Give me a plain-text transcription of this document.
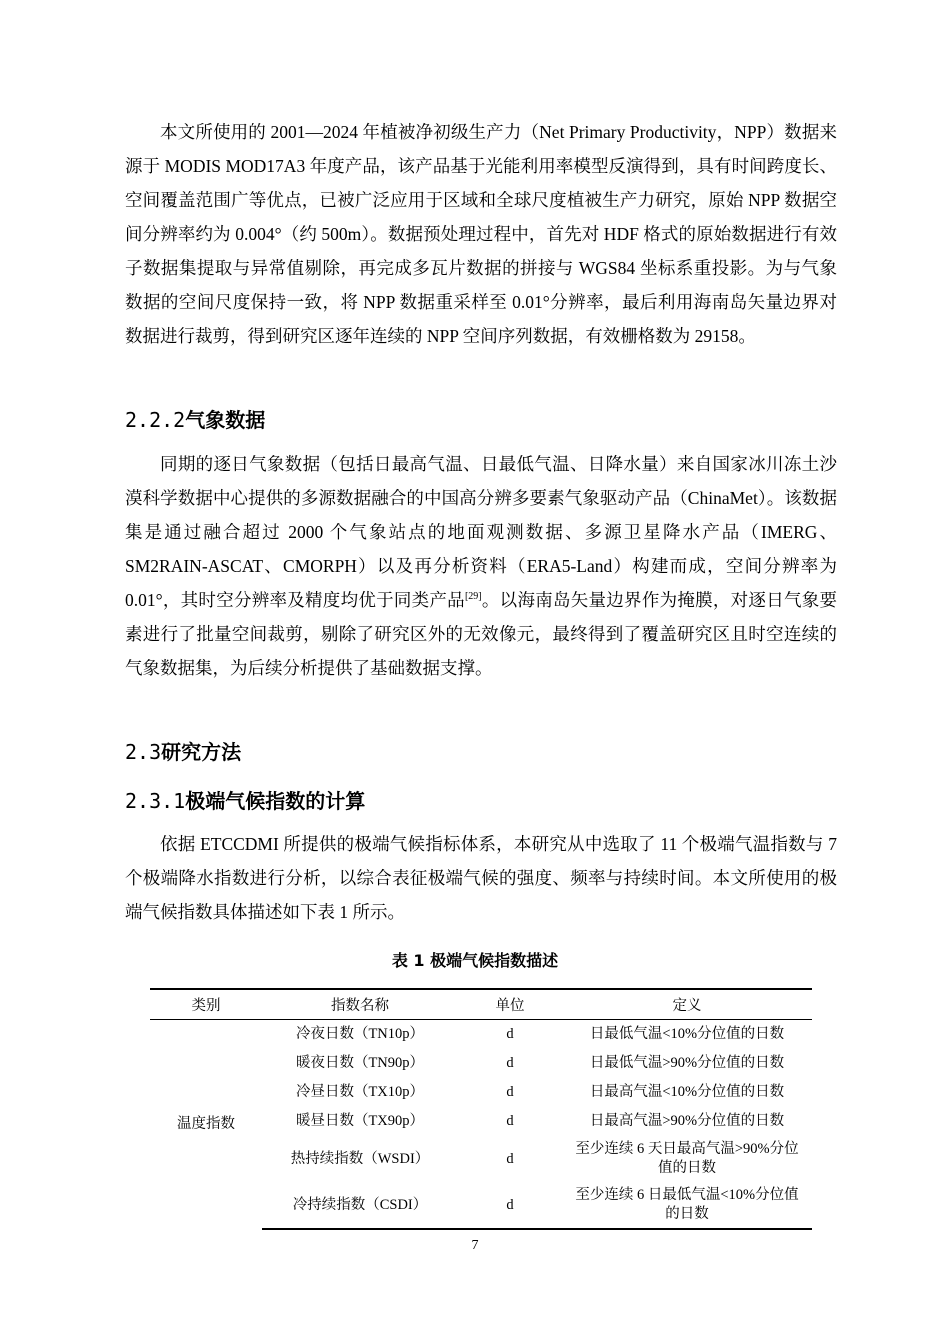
本文所使用的 2001—2024 年植被净初级生产力（Net Primary Productivity，NPP）数据来源于 MODIS MOD17A3 年度产品，该产品基于光能利用率模型反演得到，具有时间跨度长、空间覆盖范围广等优点，已被广泛应用于区域和全球尺度植被生产力研究，原始 NPP 数据空间分辨率约为 0.004°（约 500m）。数据预处理过程中，首先对 HDF 格式的原始数据进行有效子数据集提取与异常值剔除，再完成多瓦片数据的拼接与 WGS84 坐标系重投影。为与气象数据的空间尺度保持一致，将 NPP 数据重采样至 0.01°分辨率，最后利用海南岛矢量边界对数据进行裁剪，得到研究区逐年连续的 NPP 空间序列数据，有效栅格数为 29158。

2.2.2气象数据

同期的逐日气象数据（包括日最高气温、日最低气温、日降水量）来自国家冰川冻土沙漠科学数据中心提供的多源数据融合的中国高分辨多要素气象驱动产品（ChinaMet）。该数据集是通过融合超过 2000 个气象站点的地面观测数据、多源卫星降水产品（IMERG、SM2RAIN-ASCAT、CMORPH）以及再分析资料（ERA5-Land）构建而成，空间分辨率为 0.01°，其时空分辨率及精度均优于同类产品[29]。以海南岛矢量边界作为掩膜，对逐日气象要素进行了批量空间裁剪，剔除了研究区外的无效像元，最终得到了覆盖研究区且时空连续的气象数据集，为后续分析提供了基础数据支撑。

2.3研究方法
2.3.1极端气候指数的计算

依据 ETCCDMI 所提供的极端气候指标体系，本研究从中选取了 11 个极端气温指数与 7 个极端降水指数进行分析，以综合表征极端气候的强度、频率与持续时间。本文所使用的极端气候指数具体描述如下表 1 所示。

表 1 极端气候指数描述
类别	指数名称	单位	定义
温度指数	冷夜日数（TN10p）	d	日最低气温<10%分位值的日数
	暖夜日数（TN90p）	d	日最低气温>90%分位值的日数
	冷昼日数（TX10p）	d	日最高气温<10%分位值的日数
	暖昼日数（TX90p）	d	日最高气温>90%分位值的日数
	热持续指数（WSDI）	d	至少连续 6 天日最高气温>90%分位
值的日数
	冷持续指数（CSDI）	d	至少连续 6 日最低气温<10%分位值
的日数
7
